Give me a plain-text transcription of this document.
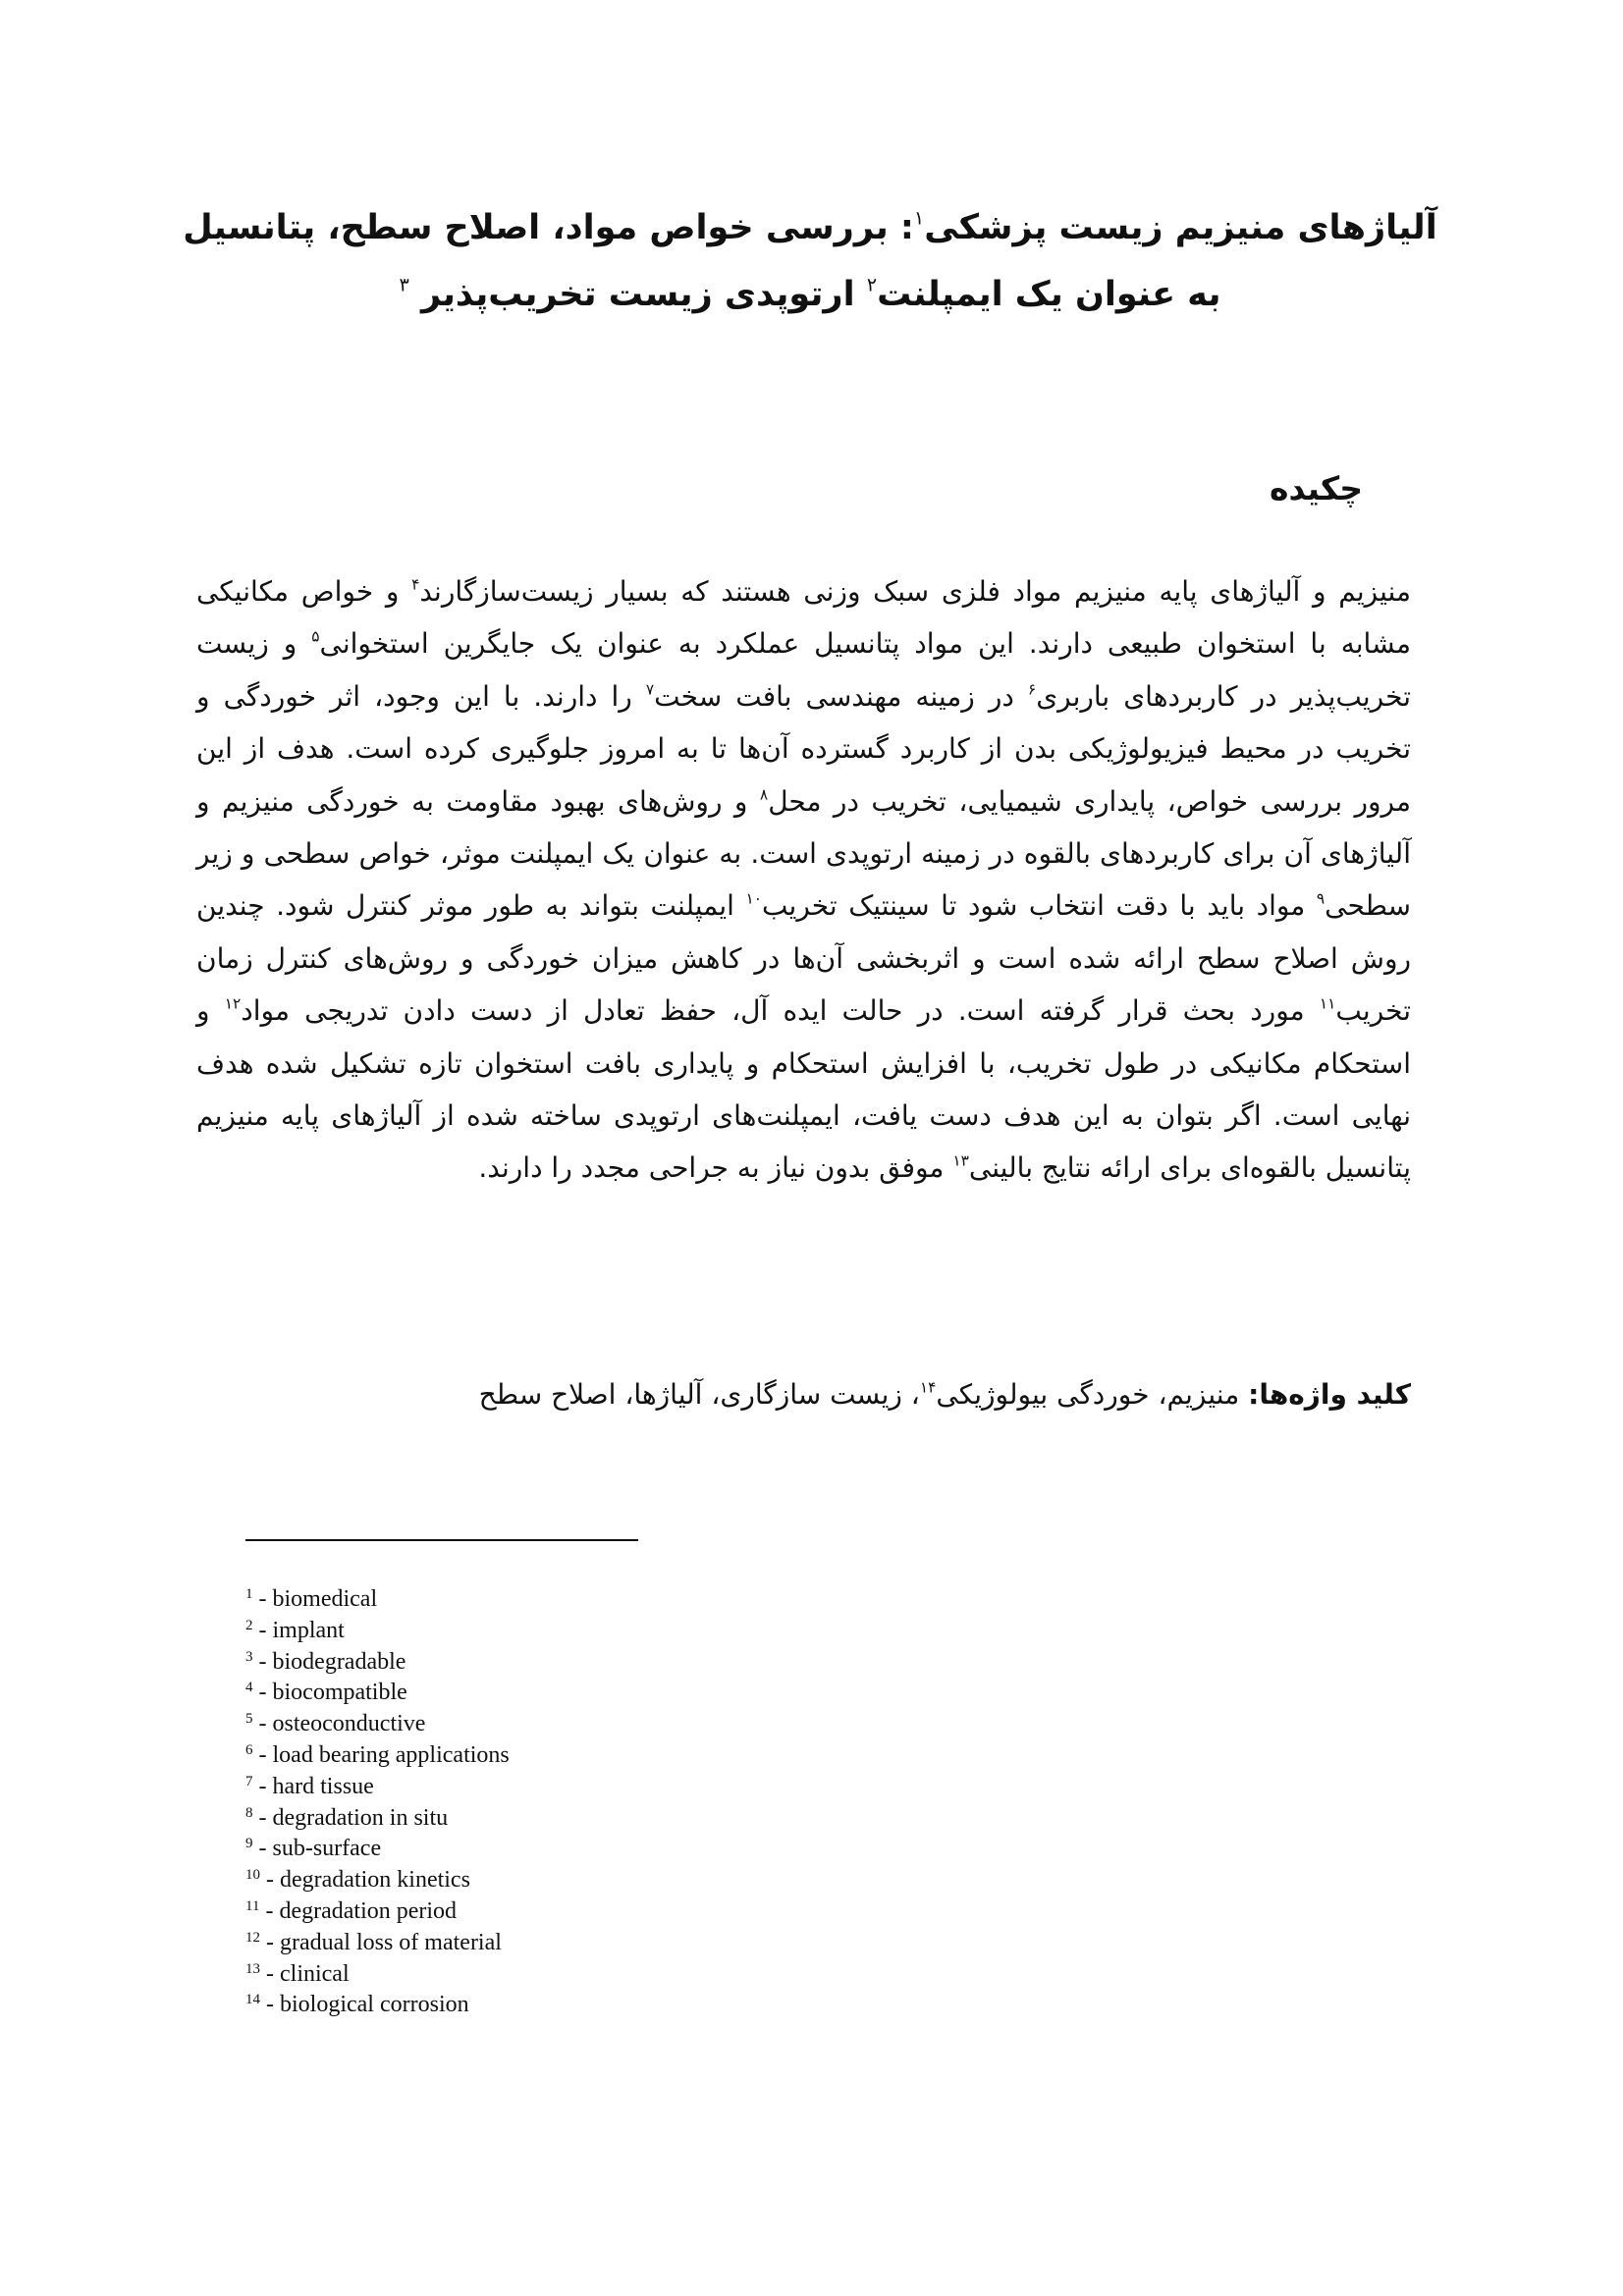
آلیاژهای منیزیم زیست پزشکی$^۱$: بررسی خواص مواد، اصلاح سطح، پتانسیل به عنوان یک ایمپلنت$^۲$ ارتوپدی زیست تخریب‌پذیر $^۳$
چکیده

منیزیم و آلیاژهای پایه منیزیم مواد فلزی سبک وزنی هستند که بسیار زیست‌سازگارند$^۴$ و خواص مکانیکی مشابه با استخوان طبیعی دارند. این مواد پتانسیل عملکرد به عنوان یک جایگرین استخوانی$^۵$ و زیست تخریب‌پذیر در کاربردهای باربری$^۶$ در زمینه مهندسی بافت سخت$^۷$ را دارند. با این وجود، اثر خوردگی و تخریب در محیط فیزیولوژیکی بدن از کاربرد گسترده آن‌ها تا به امروز جلوگیری کرده است. هدف از این مرور بررسی خواص، پایداری شیمیایی، تخریب در محل$^۸$ و روش‌های بهبود مقاومت به خوردگی منیزیم و آلیاژهای آن برای کاربردهای بالقوه در زمینه ارتوپدی است. به عنوان یک ایمپلنت موثر، خواص سطحی و زیر سطحی$^۹$ مواد باید با دقت انتخاب شود تا سینتیک تخریب$^{۱۰}$ ایمپلنت بتواند به طور موثر کنترل شود. چندین روش اصلاح سطح ارائه شده است و اثربخشی آن‌ها در کاهش میزان خوردگی و روش‌های کنترل زمان تخریب$^{۱۱}$ مورد بحث قرار گرفته است. در حالت ایده آل، حفظ تعادل از دست دادن تدریجی مواد$^{۱۲}$ و استحکام مکانیکی در طول تخریب، با افزایش استحکام و پایداری بافت استخوان تازه تشکیل شده هدف نهایی است. اگر بتوان به این هدف دست یافت، ایمپلنت‌های ارتوپدی ساخته شده از آلیاژهای پایه منیزیم پتانسیل بالقوه‌ای برای ارائه نتایج بالینی$^{۱۳}$ موفق بدون نیاز به جراحی مجدد را دارند.

کلید واژه‌ها: منیزیم، خوردگی بیولوژیکی$^{۱۴}$، زیست سازگاری، آلیاژها، اصلاح سطح

$^1$ - biomedical
$^2$ - implant
$^3$ - biodegradable
$^4$ - biocompatible
$^5$ - osteoconductive
$^6$ - load bearing applications
$^7$ - hard tissue
$^8$ - degradation in situ
$^9$ - sub-surface
$^{10}$ - degradation kinetics
$^{11}$ - degradation period
$^{12}$ - gradual loss of material
$^{13}$ - clinical
$^{14}$ - biological corrosion
